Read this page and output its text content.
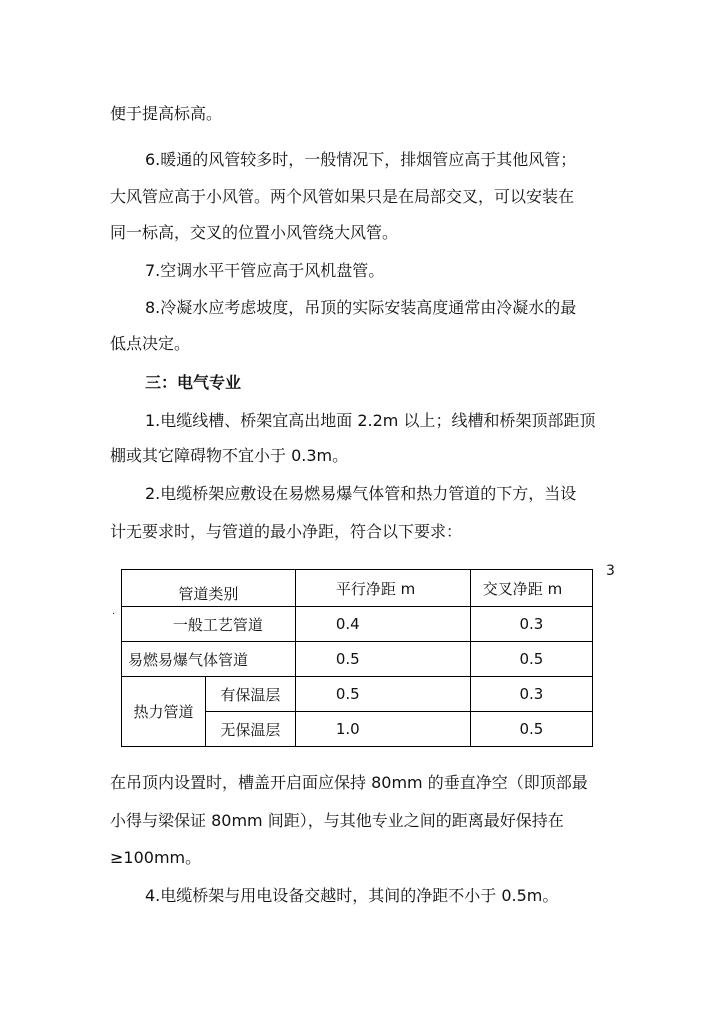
便于提高标高。
6.暖通的风管较多时，一般情况下，排烟管应高于其他风管；
大风管应高于小风管。两个风管如果只是在局部交叉，可以安装在
同一标高，交叉的位置小风管绕大风管。
7.空调水平干管应高于风机盘管。
8.冷凝水应考虑坡度，吊顶的实际安装高度通常由冷凝水的最
低点决定。
三：电气专业
1.电缆线槽、桥架宜高出地面 2.2m 以上；线槽和桥架顶部距顶
棚或其它障碍物不宜小于 0.3m。
2.电缆桥架应敷设在易燃易爆气体管和热力管道的下方，当设
计无要求时，与管道的最小净距，符合以下要求：
3
.
管道类别		平行净距 m	交叉净距 m
一般工艺管道		0.4	0.3
易燃易爆气体管道		0.5	0.5
热力管道	有保温层	0.5	0.3
	无保温层	1.0	0.5
在吊顶内设置时，槽盖开启面应保持 80mm 的垂直净空（即顶部最
小得与梁保证 80mm 间距），与其他专业之间的距离最好保持在
≥100mm。
4.电缆桥架与用电设备交越时，其间的净距不小于 0.5m。
